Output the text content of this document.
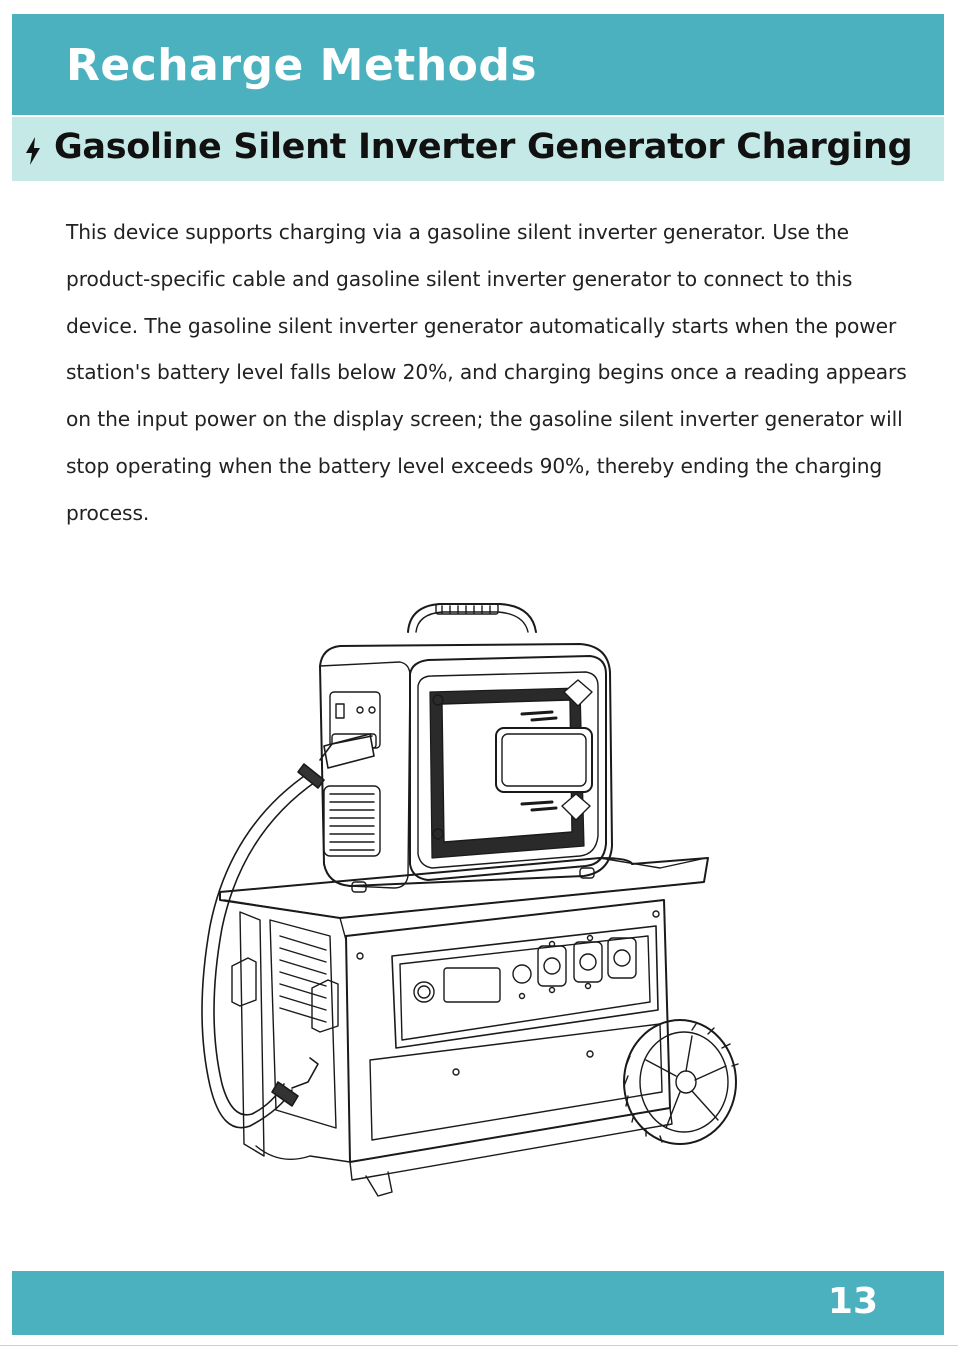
Recharge Methods
Gasoline Silent Inverter Generator Charging

This device supports charging via a gasoline silent inverter generator. Use the product-specific cable and gasoline silent inverter generator to connect to this device. The gasoline silent inverter generator automatically starts when the power station's battery level falls below 20%, and charging begins once a reading appears on the input power on the display screen; the gasoline silent inverter generator will stop operating when the battery level exceeds 90%, thereby ending the charging process.

13
